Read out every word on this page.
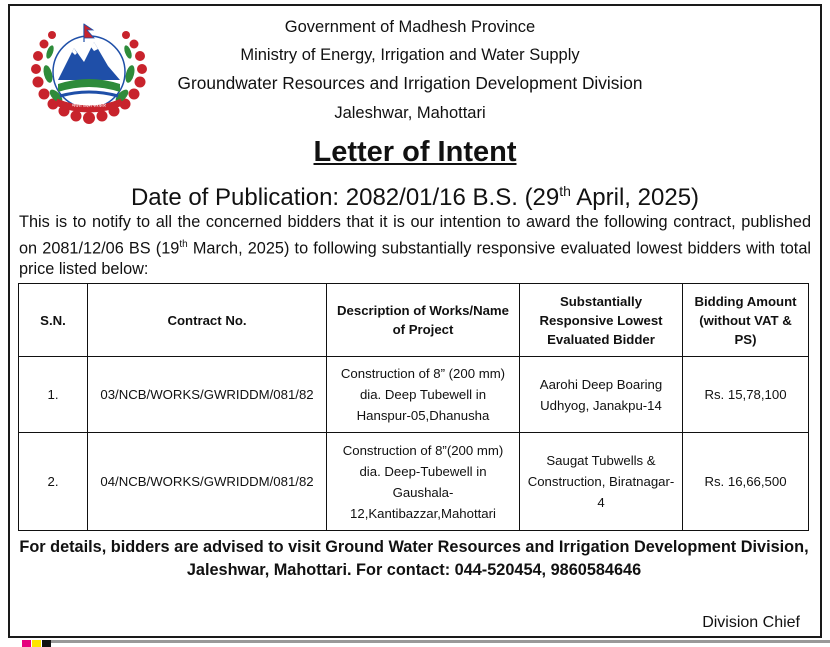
मधेश प्रदेश सरकार
Government of Madhesh Province
Ministry of Energy, Irrigation and Water Supply
Groundwater Resources and Irrigation Development Division
Jaleshwar, Mahottari
Letter of Intent
Date of Publication: 2082/01/16 B.S. (29th April, 2025)
This is to notify to all the concerned bidders that it is our intention to award the following contract, published on 2081/12/06 BS (19th March, 2025) to following substantially responsive evaluated lowest bidders with total price listed below:
S.N.	Contract No.	Description of Works/Name of Project	Substantially Responsive Lowest Evaluated Bidder	Bidding Amount (without VAT & PS)
1.	03/NCB/WORKS/GWRIDDM/081/82	Construction of 8” (200 mm) dia. Deep Tubewell in Hanspur-05,Dhanusha	Aarohi Deep Boaring Udhyog, Janakpu-14	Rs. 15,78,100
2.	04/NCB/WORKS/GWRIDDM/081/82	Construction of 8”(200 mm) dia. Deep-Tubewell in Gaushala-12,Kantibazzar,Mahottari	Saugat Tubwells & Construction, Biratnagar-4	Rs. 16,66,500
For details, bidders are advised to visit Ground Water Resources and Irrigation Development Division, Jaleshwar, Mahottari. For contact: 044-520454, 9860584646
Division Chief
